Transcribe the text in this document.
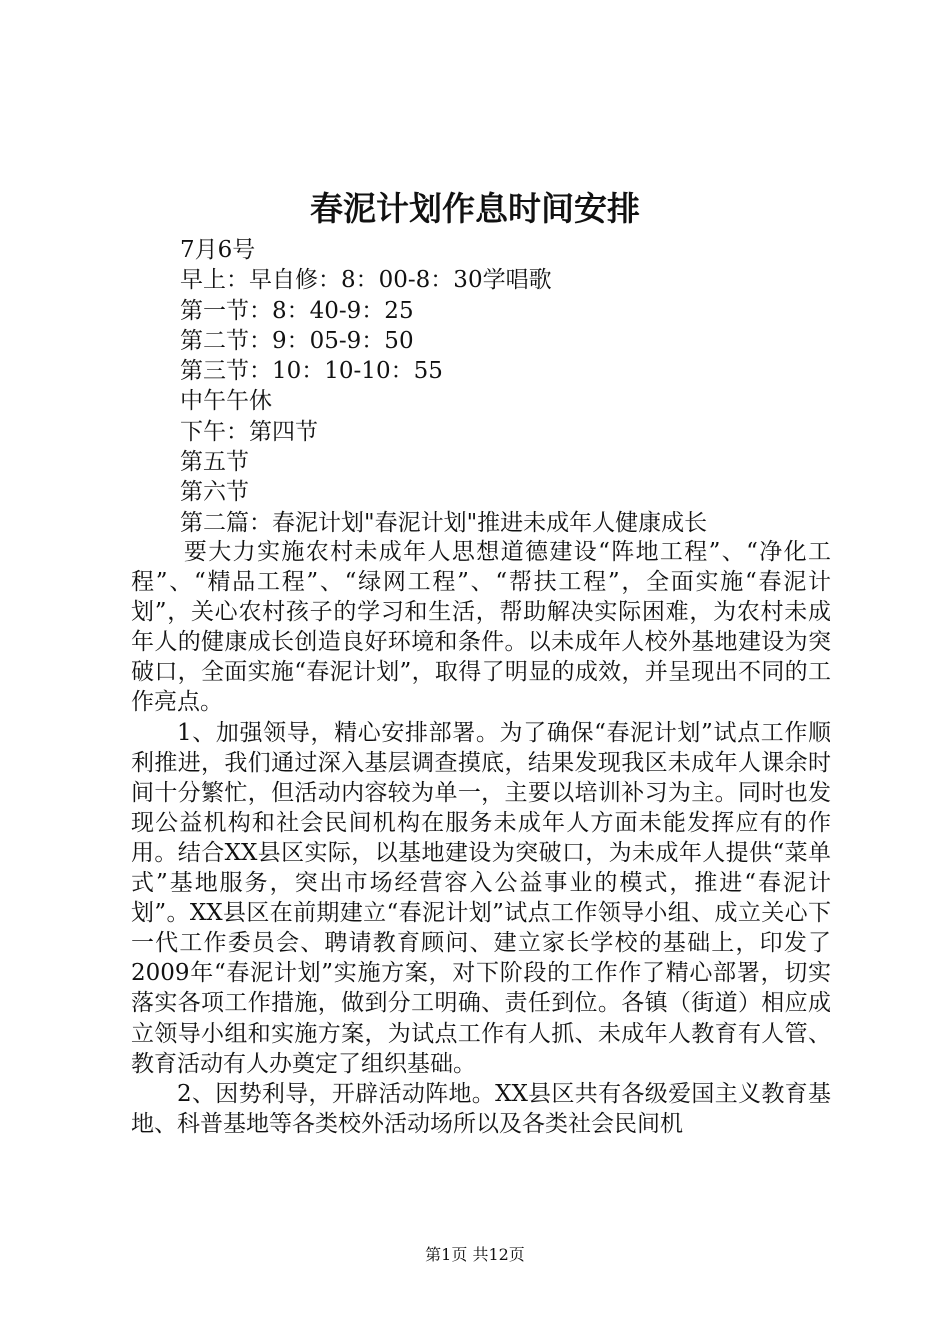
春泥计划作息时间安排
7月6号
早上：早自修：8：00-8：30学唱歌
第一节：8：40-9：25
第二节：9：05-9：50
第三节：10：10-10：55
中午午休
下午：第四节
第五节
第六节
第二篇：春泥计划"春泥计划"推进未成年人健康成长

要大力实施农村未成年人思想道德建设“阵地工程”、“净化工程”、“精品工程”、“绿网工程”、“帮扶工程”，全面实施“春泥计划”，关心农村孩子的学习和生活，帮助解决实际困难，为农村未成年人的健康成长创造良好环境和条件。以未成年人校外基地建设为突破口，全面实施“春泥计划”，取得了明显的成效，并呈现出不同的工作亮点。

1、加强领导，精心安排部署。为了确保“春泥计划”试点工作顺利推进，我们通过深入基层调查摸底，结果发现我区未成年人课余时间十分繁忙，但活动内容较为单一，主要以培训补习为主。同时也发现公益机构和社会民间机构在服务未成年人方面未能发挥应有的作用。结合XX县区实际，以基地建设为突破口，为未成年人提供“菜单式”基地服务，突出市场经营容入公益事业的模式，推进“春泥计划”。XX县区在前期建立“春泥计划”试点工作领导小组、成立关心下一代工作委员会、聘请教育顾问、建立家长学校的基础上，印发了2009年“春泥计划”实施方案，对下阶段的工作作了精心部署，切实落实各项工作措施，做到分工明确、责任到位。各镇（街道）相应成立领导小组和实施方案，为试点工作有人抓、未成年人教育有人管、教育活动有人办奠定了组织基础。

2、因势利导，开辟活动阵地。XX县区共有各级爱国主义教育基地、科普基地等各类校外活动场所以及各类社会民间机

第1页 共12页
